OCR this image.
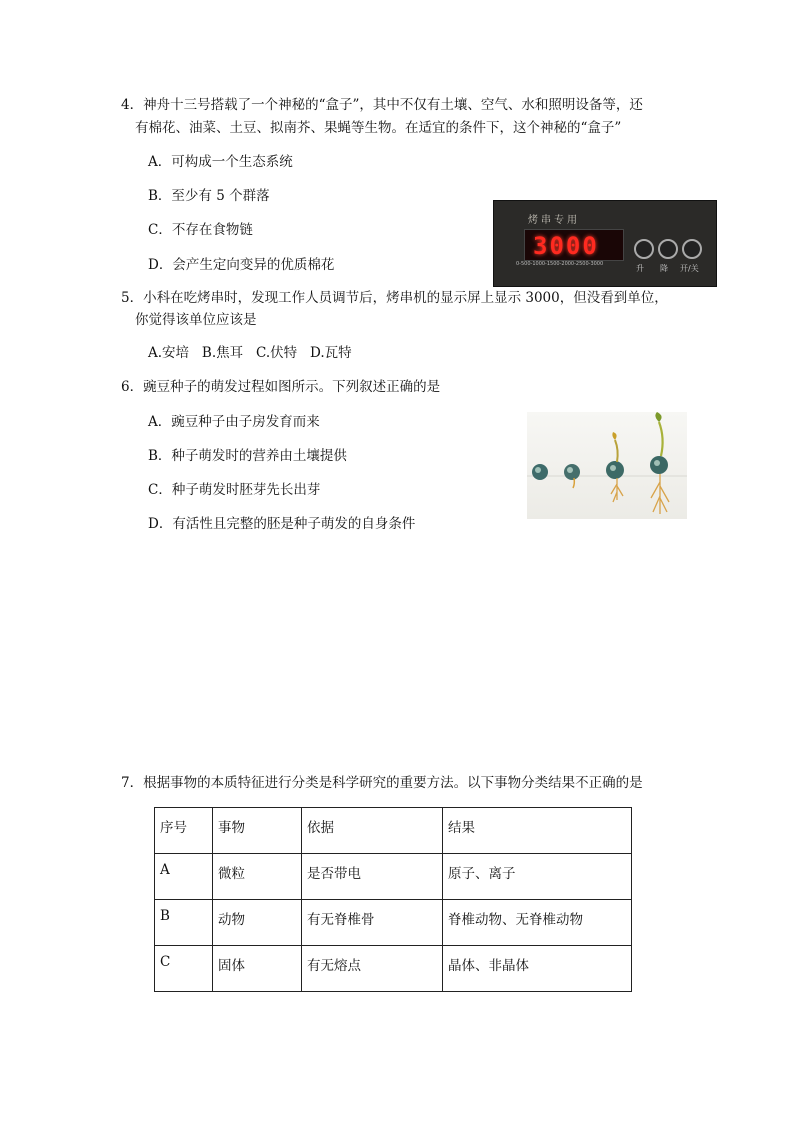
4．神舟十三号搭载了一个神秘的“盒子”，其中不仅有土壤、空气、水和照明设备等，还
有棉花、油菜、土豆、拟南芥、果蝇等生物。在适宜的条件下，这个神秘的“盒子”
A．可构成一个生态系统
B．至少有 5 个群落
C．不存在食物链
D．会产生定向变异的优质棉花
烤串专用
3000
0-500-1000-1500-2000-2500-3000	升 降 开/关
5．小科在吃烤串时，发现工作人员调节后，烤串机的显示屏上显示 3000，但没看到单位，
你觉得该单位应该是
A.安培   B.焦耳   C.伏特   D.瓦特
6．豌豆种子的萌发过程如图所示。下列叙述正确的是
A．豌豆种子由子房发育而来
B．种子萌发时的营养由土壤提供
C．种子萌发时胚芽先长出芽
D．有活性且完整的胚是种子萌发的自身条件
7．根据事物的本质特征进行分类是科学研究的重要方法。以下事物分类结果不正确的是
序号	事物	依据	结果
A	微粒	是否带电	原子、离子
B	动物	有无脊椎骨	脊椎动物、无脊椎动物
C	固体	有无熔点	晶体、非晶体
